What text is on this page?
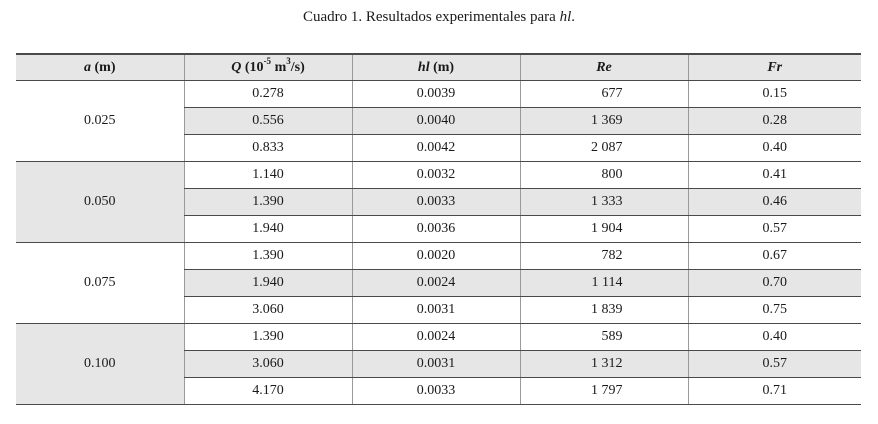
Cuadro 1. Resultados experimentales para hl.
a (m)	Q ($10^{-5}$ $m^3/s$)	hl (m)	Re	Fr
0.025	0.278	0.0039	677	0.15
	0.556	0.0040	1 369	0.28
	0.833	0.0042	2 087	0.40
0.050	1.140	0.0032	800	0.41
	1.390	0.0033	1 333	0.46
	1.940	0.0036	1 904	0.57
0.075	1.390	0.0020	782	0.67
	1.940	0.0024	1 114	0.70
	3.060	0.0031	1 839	0.75
0.100	1.390	0.0024	589	0.40
	3.060	0.0031	1 312	0.57
	4.170	0.0033	1 797	0.71
